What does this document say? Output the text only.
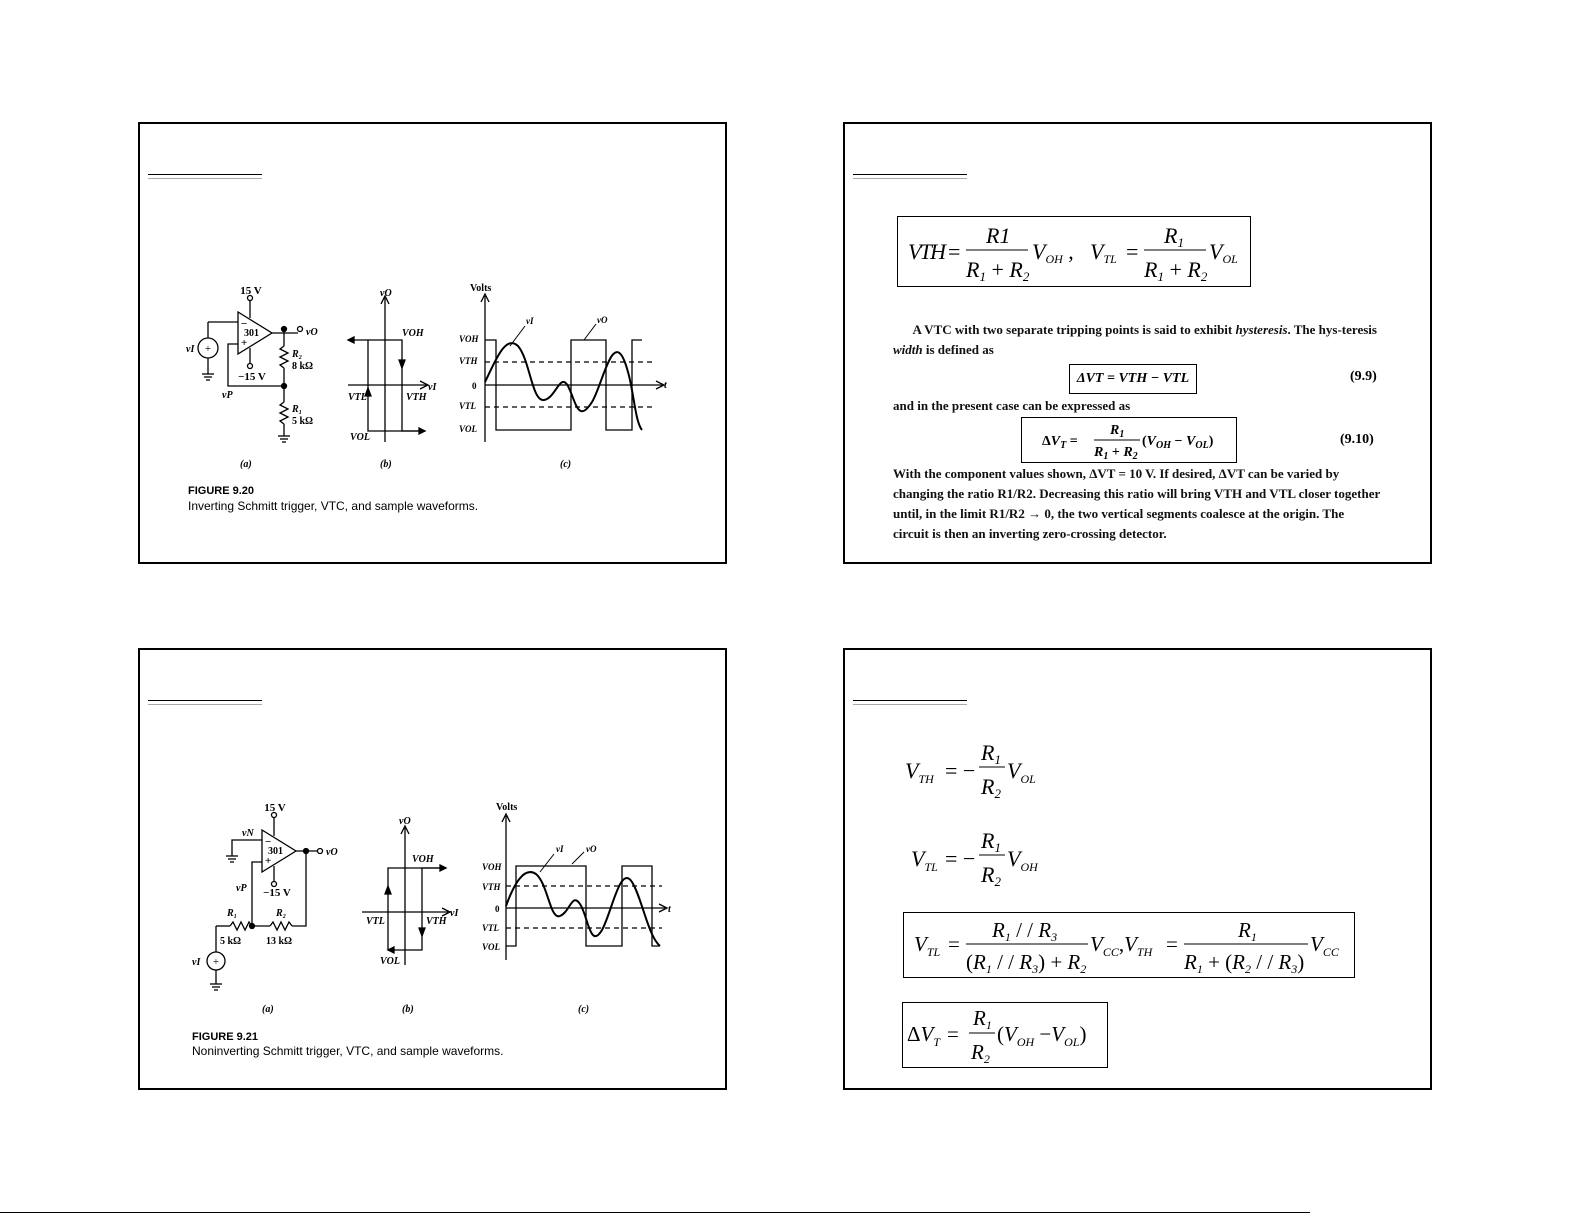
+
15 V
−15 V
301
−
+
vO
R₂
8 kΩ
R₁
5 kΩ
vI
vP
(a)
vO
vI
VOH
VOL
VTL	VTH
(b)
Volts
t
VOH
VTH
0
VTL
VOL
vI	vO
(c)
FIGURE 9.20
Inverting Schmitt trigger, VTC, and sample waveforms.
VTH =
R1
R1 + R2
VOH , VTL =
R1
R1 + R2
VOL
A VTC with two separate tripping points is said to exhibit hysteresis. The hys-teresis width is defined as
ΔVT = VTH − VTL	(9.9)
and in the present case can be expressed as
$\Delta V_T$ =
$R_1$
$R_1 + R_2$
$(V_{OH} - V_{OL})$	(9.10)
With the component values shown, ΔVT = 10 V. If desired, ΔVT can be varied by changing the ratio R1/R2. Decreasing this ratio will bring VTH and VTL closer together until, in the limit R1/R2 → 0, the two vertical segments coalesce at the origin. The circuit is then an inverting zero-crossing detector.
+
15 V
−15 V
301
−
+
vO
vN
vP
R₁
5 kΩ
R₂
13 kΩ
vI
(a)
vO
vI
VOH
VOL
VTL	VTH
(b)
Volts
t
VOH
VTH
0
VTL
VOL
vI	vO
(c)
FIGURE 9.21
Noninverting Schmitt trigger, VTC, and sample waveforms.
$V_{TH}$ = −
R1
R2
$V_{OL}$
$V_{TL}$ = −
R1
R2
$V_{OH}$
$V_{TL}$ =
R1 / / R3
(R1 / / R3) + R2
$V_{CC},V_{TH}$ =
R1
R1 + (R2 / / R3)
$V_{CC}$
$\Delta V_T$ =
R1
R2
$(V_{OH} -V_{OL})$
